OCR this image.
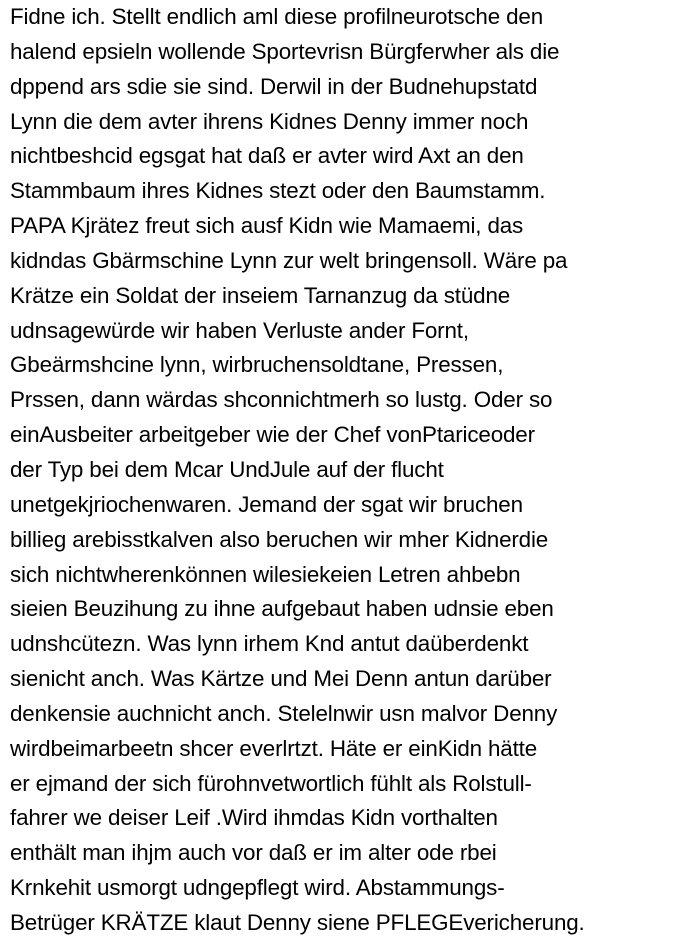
Fidne ich. Stellt endlich aml diese profilneurotsche den
halend epsieln wollende Sportevrisn Bürgferwher als die
dppend ars sdie sie sind. Derwil in der Budnehupstatd
Lynn die dem avter ihrens Kidnes Denny immer noch
nichtbeshcid egsgat hat daß er avter wird Axt an den
Stammbaum ihres Kidnes stezt oder den Baumstamm.
PAPA Kjrätez freut sich ausf Kidn wie Mamaemi, das
kidndas Gbärmschine Lynn zur welt bringensoll. Wäre pa
Krätze ein Soldat der inseiem Tarnanzug da stüdne
udnsagewürde wir haben Verluste ander Fornt,
Gbeärmshcine lynn, wirbruchensoldtane, Pressen,
Prssen, dann wärdas shconnichtmerh so lustg. Oder so
einAusbeiter arbeitgeber wie der Chef vonPtariceoder
der Typ bei dem Mcar UndJule auf der flucht
unetgekjriochenwaren. Jemand der sgat wir bruchen
billieg arebisstkalven also beruchen wir mher Kidnerdie
sich nichtwherenkönnen wilesiekeien Letren ahbebn
sieien Beuzihung zu ihne aufgebaut haben udnsie eben
udnshcütezn. Was lynn irhem Knd antut daüberdenkt
sienicht anch. Was Kärtze und Mei Denn antun darüber
denkensie auchnicht anch. Stelelnwir usn malvor Denny
wirdbeimarbeetn shcer everlrtzt. Häte er einKidn hätte
er ejmand der sich fürohnvetwortlich fühlt als Rolstull-
fahrer we deiser Leif .Wird ihmdas Kidn vorthalten
enthält man ihjm auch vor daß er im alter ode rbei
Krnkehit usmorgt udngepflegt wird. Abstammungs-
Betrüger KRÄTZE klaut Denny siene PFLEGEvericherung.
